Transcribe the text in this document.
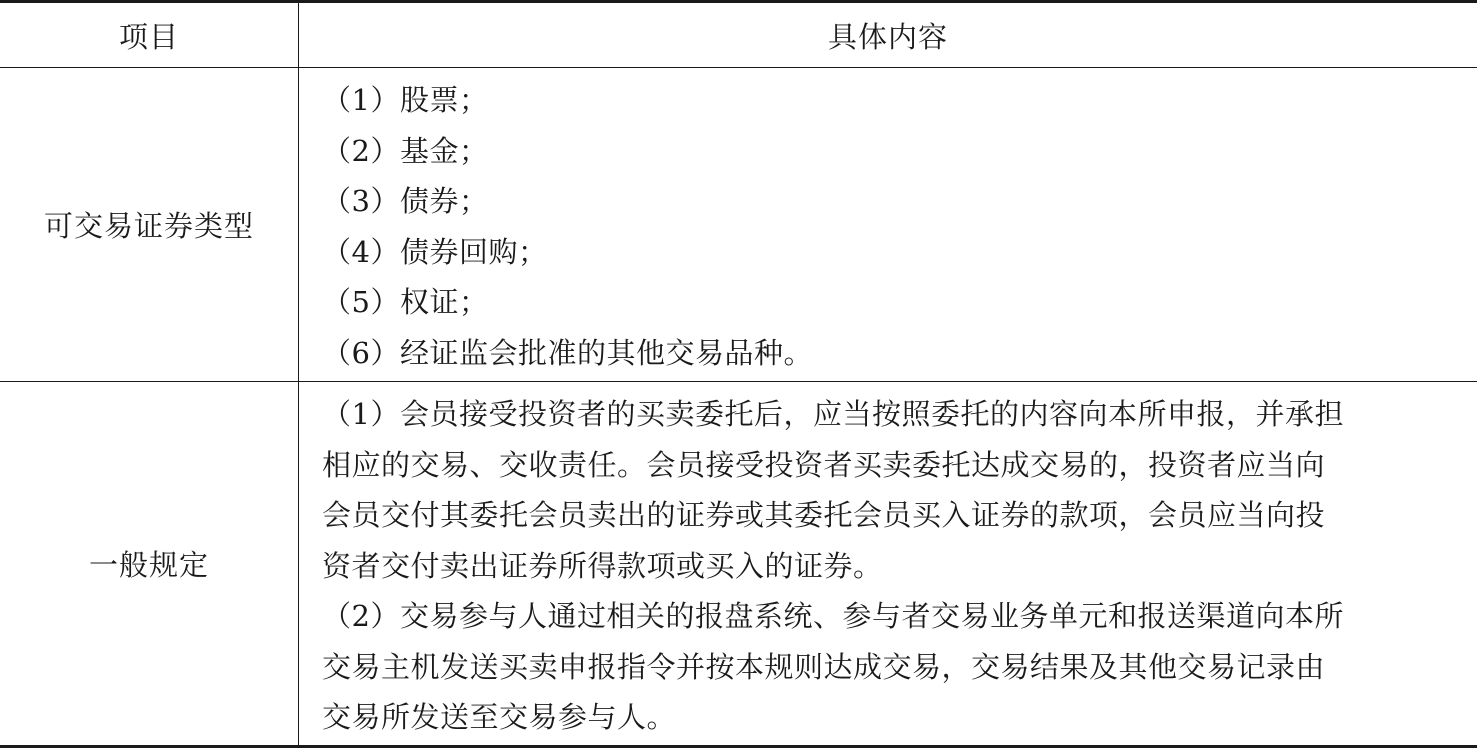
项目	具体内容
可交易证券类型
（1）股票；
（2）基金；
（3）债券；
（4）债券回购；
（5）权证；
（6）经证监会批准的其他交易品种。
一般规定
（1）会员接受投资者的买卖委托后，应当按照委托的内容向本所申报，并承担
相应的交易、交收责任。会员接受投资者买卖委托达成交易的，投资者应当向
会员交付其委托会员卖出的证券或其委托会员买入证券的款项，会员应当向投
资者交付卖出证券所得款项或买入的证券。
（2）交易参与人通过相关的报盘系统、参与者交易业务单元和报送渠道向本所
交易主机发送买卖申报指令并按本规则达成交易，交易结果及其他交易记录由
交易所发送至交易参与人。
